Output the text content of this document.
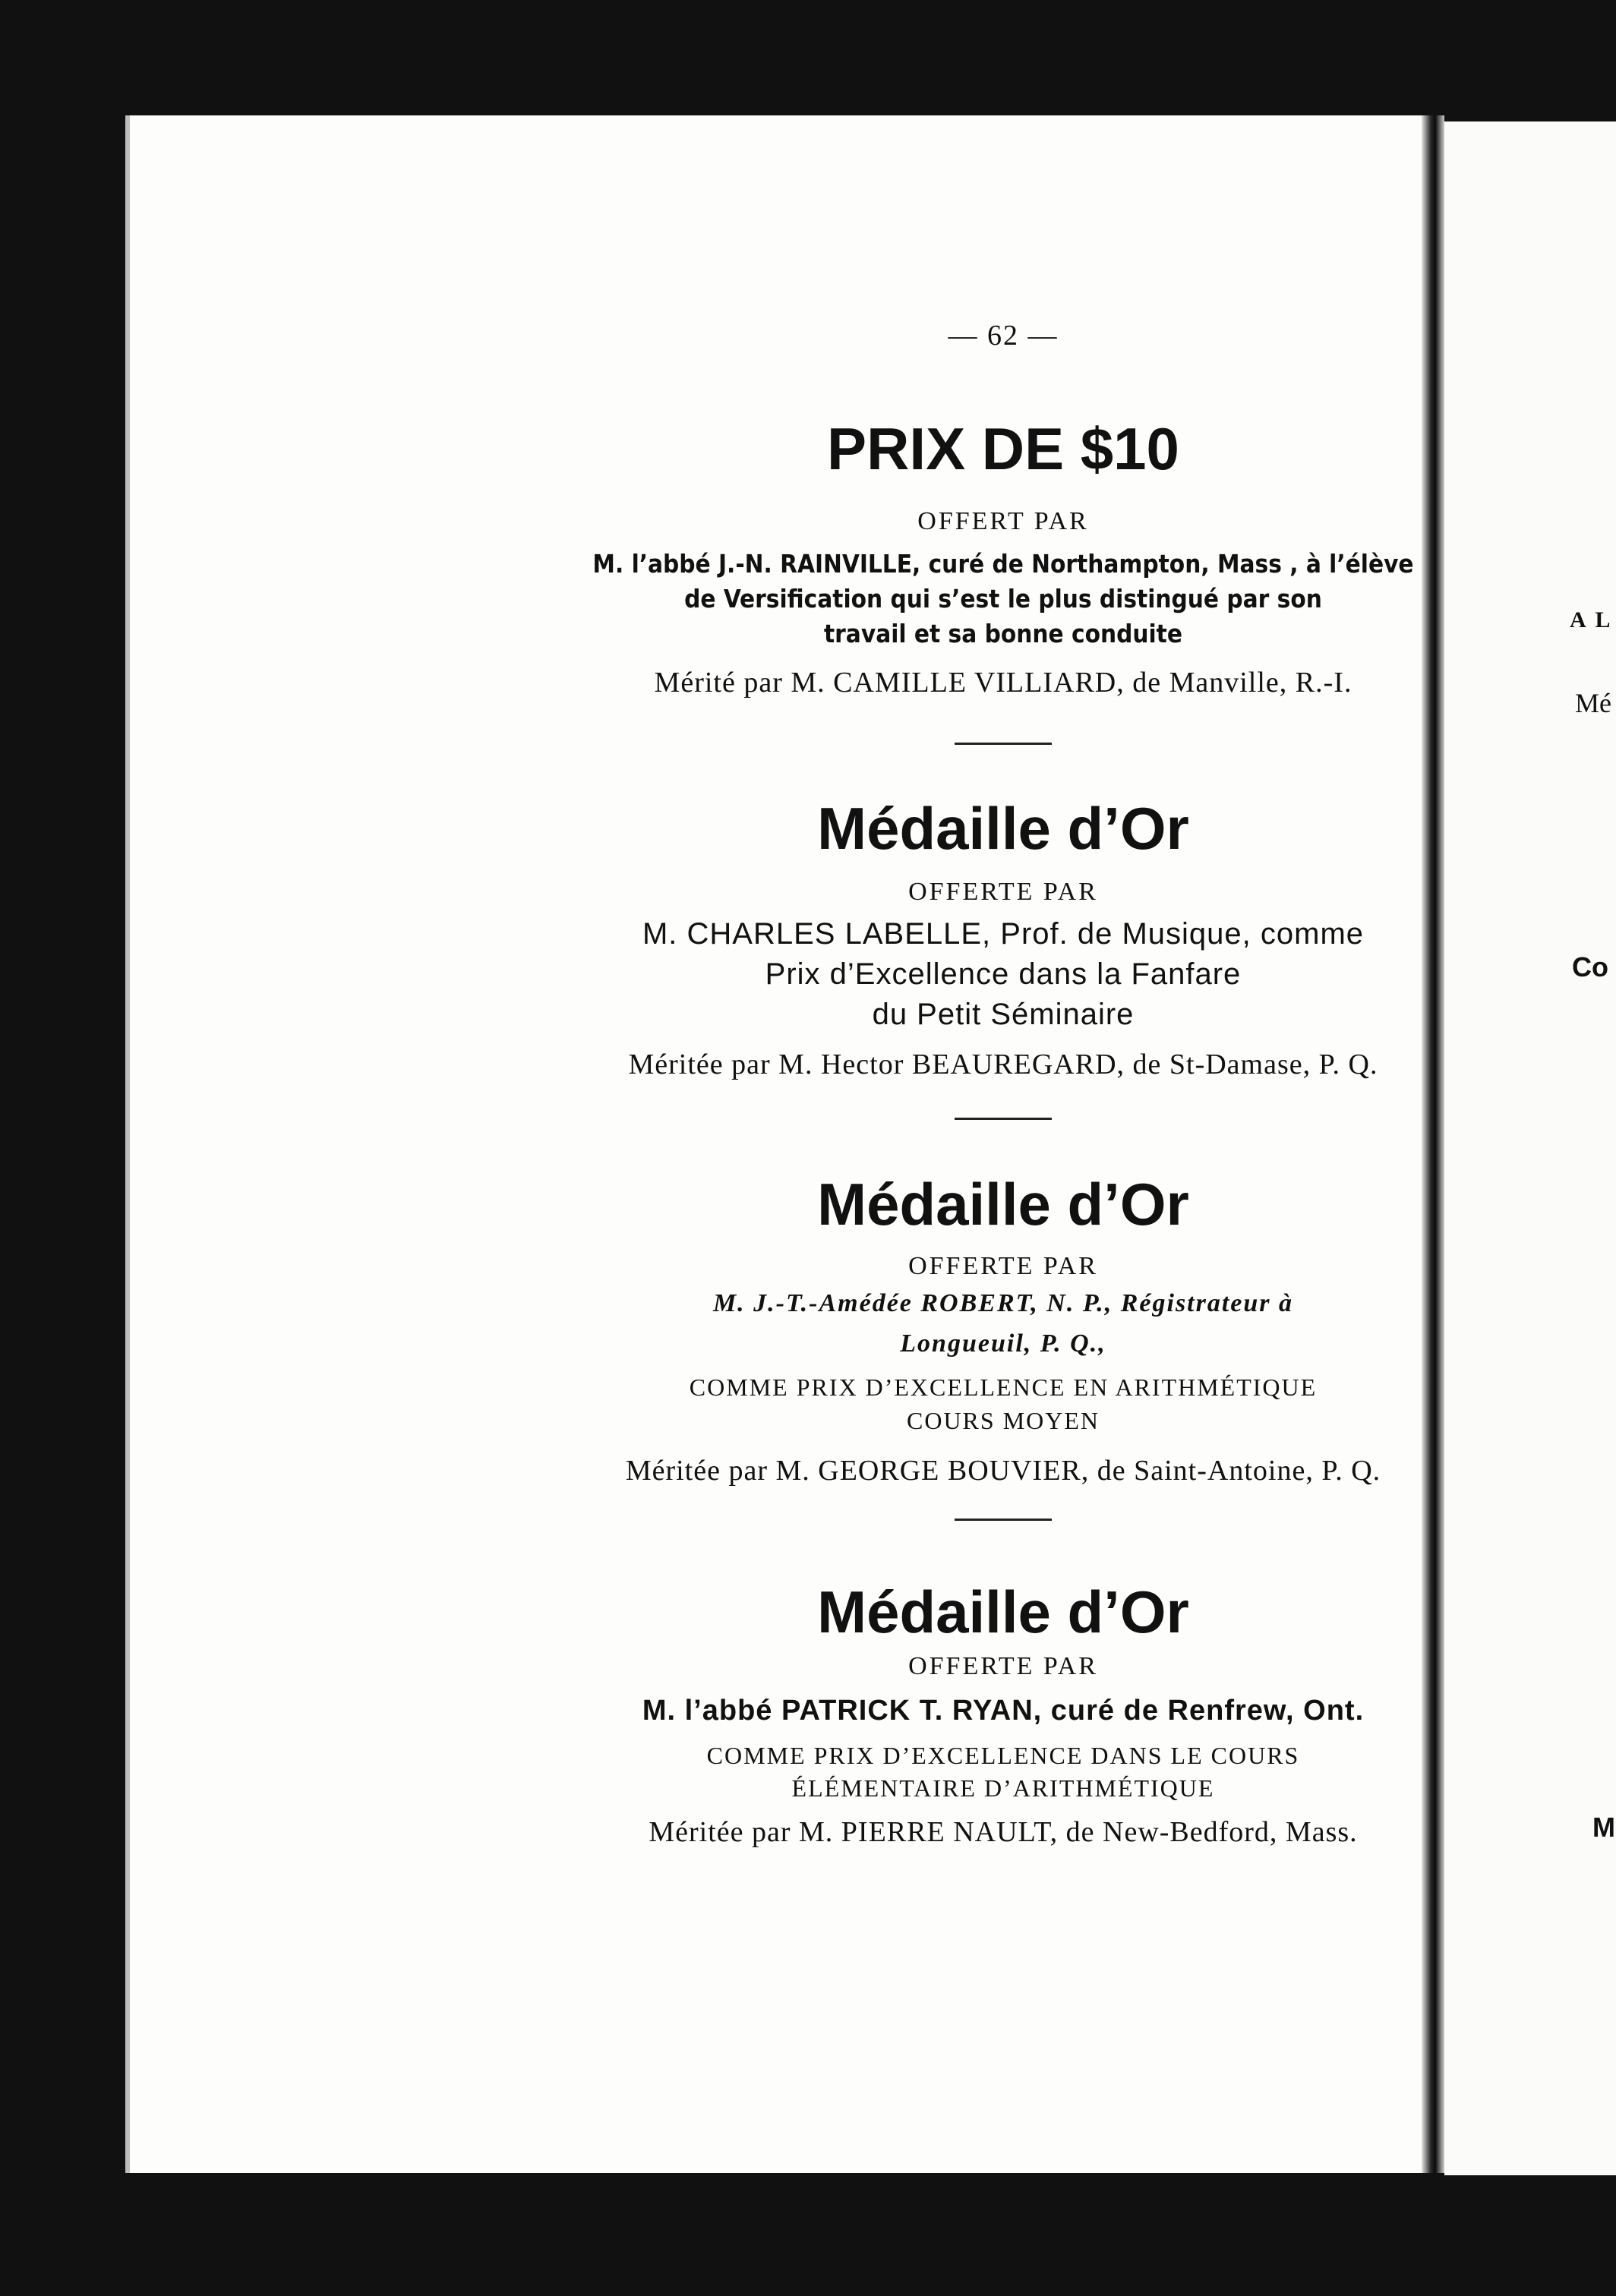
— 62 —
PRIX DE $10
OFFERT PAR
M. l’abbé J.-N. RAINVILLE, curé de Northampton, Mass , à l’élève
de Versification qui s’est le plus distingué par son
travail et sa bonne conduite
Mérité par M. CAMILLE VILLIARD, de Manville, R.-I.
Médaille d’Or
OFFERTE PAR
M. CHARLES LABELLE, Prof. de Musique, comme
Prix d’Excellence dans la Fanfare
du Petit Séminaire
Méritée par M. Hector BEAUREGARD, de St-Damase, P. Q.
Médaille d’Or
OFFERTE PAR
M. J.-T.-Amédée ROBERT, N. P., Régistrateur à
Longueuil, P. Q.,
COMME PRIX D’EXCELLENCE EN ARITHMÉTIQUE
COURS MOYEN
Méritée par M. GEORGE BOUVIER, de Saint-Antoine, P. Q.
Médaille d’Or
OFFERTE PAR
M. l’abbé PATRICK T. RYAN, curé de Renfrew, Ont.
COMME PRIX D’EXCELLENCE DANS LE COURS
ÉLÉMENTAIRE D’ARITHMÉTIQUE
Méritée par M. PIERRE NAULT, de New-Bedford, Mass.
A L
Mé
Co
M
